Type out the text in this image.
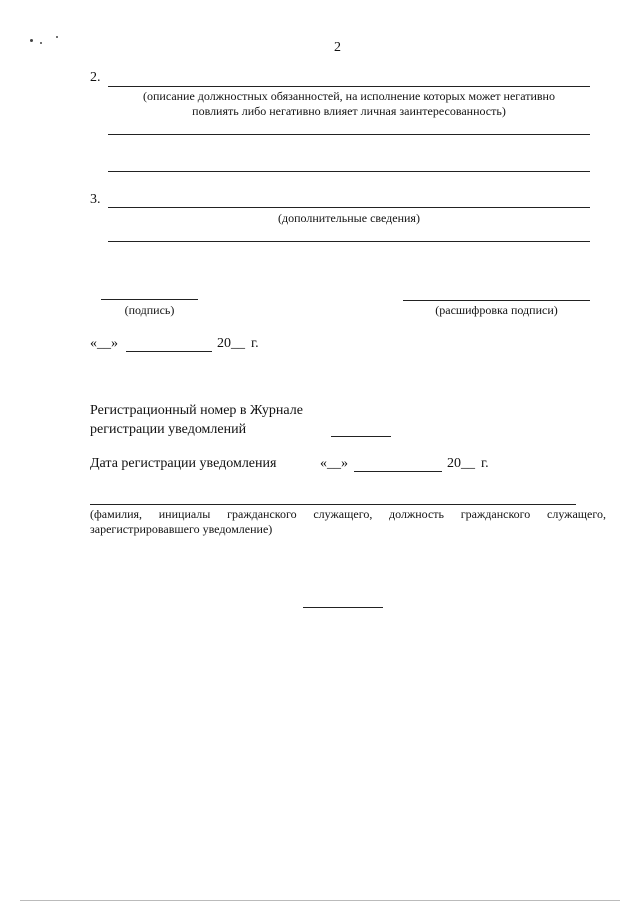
2
2.
(описание должностных обязанностей, на исполнение которых может негативно
повлиять либо негативно влияет личная заинтересованность)
3.
(дополнительные сведения)
(подпись)	(расшифровка подписи)
«__»	20__ г.
Регистрационный номер в Журнале
регистрации уведомлений
Дата регистрации уведомления	«__»	20__ г.
(фамилия, инициалы гражданского служащего, должность гражданского служащего,
зарегистрировавшего уведомление)
